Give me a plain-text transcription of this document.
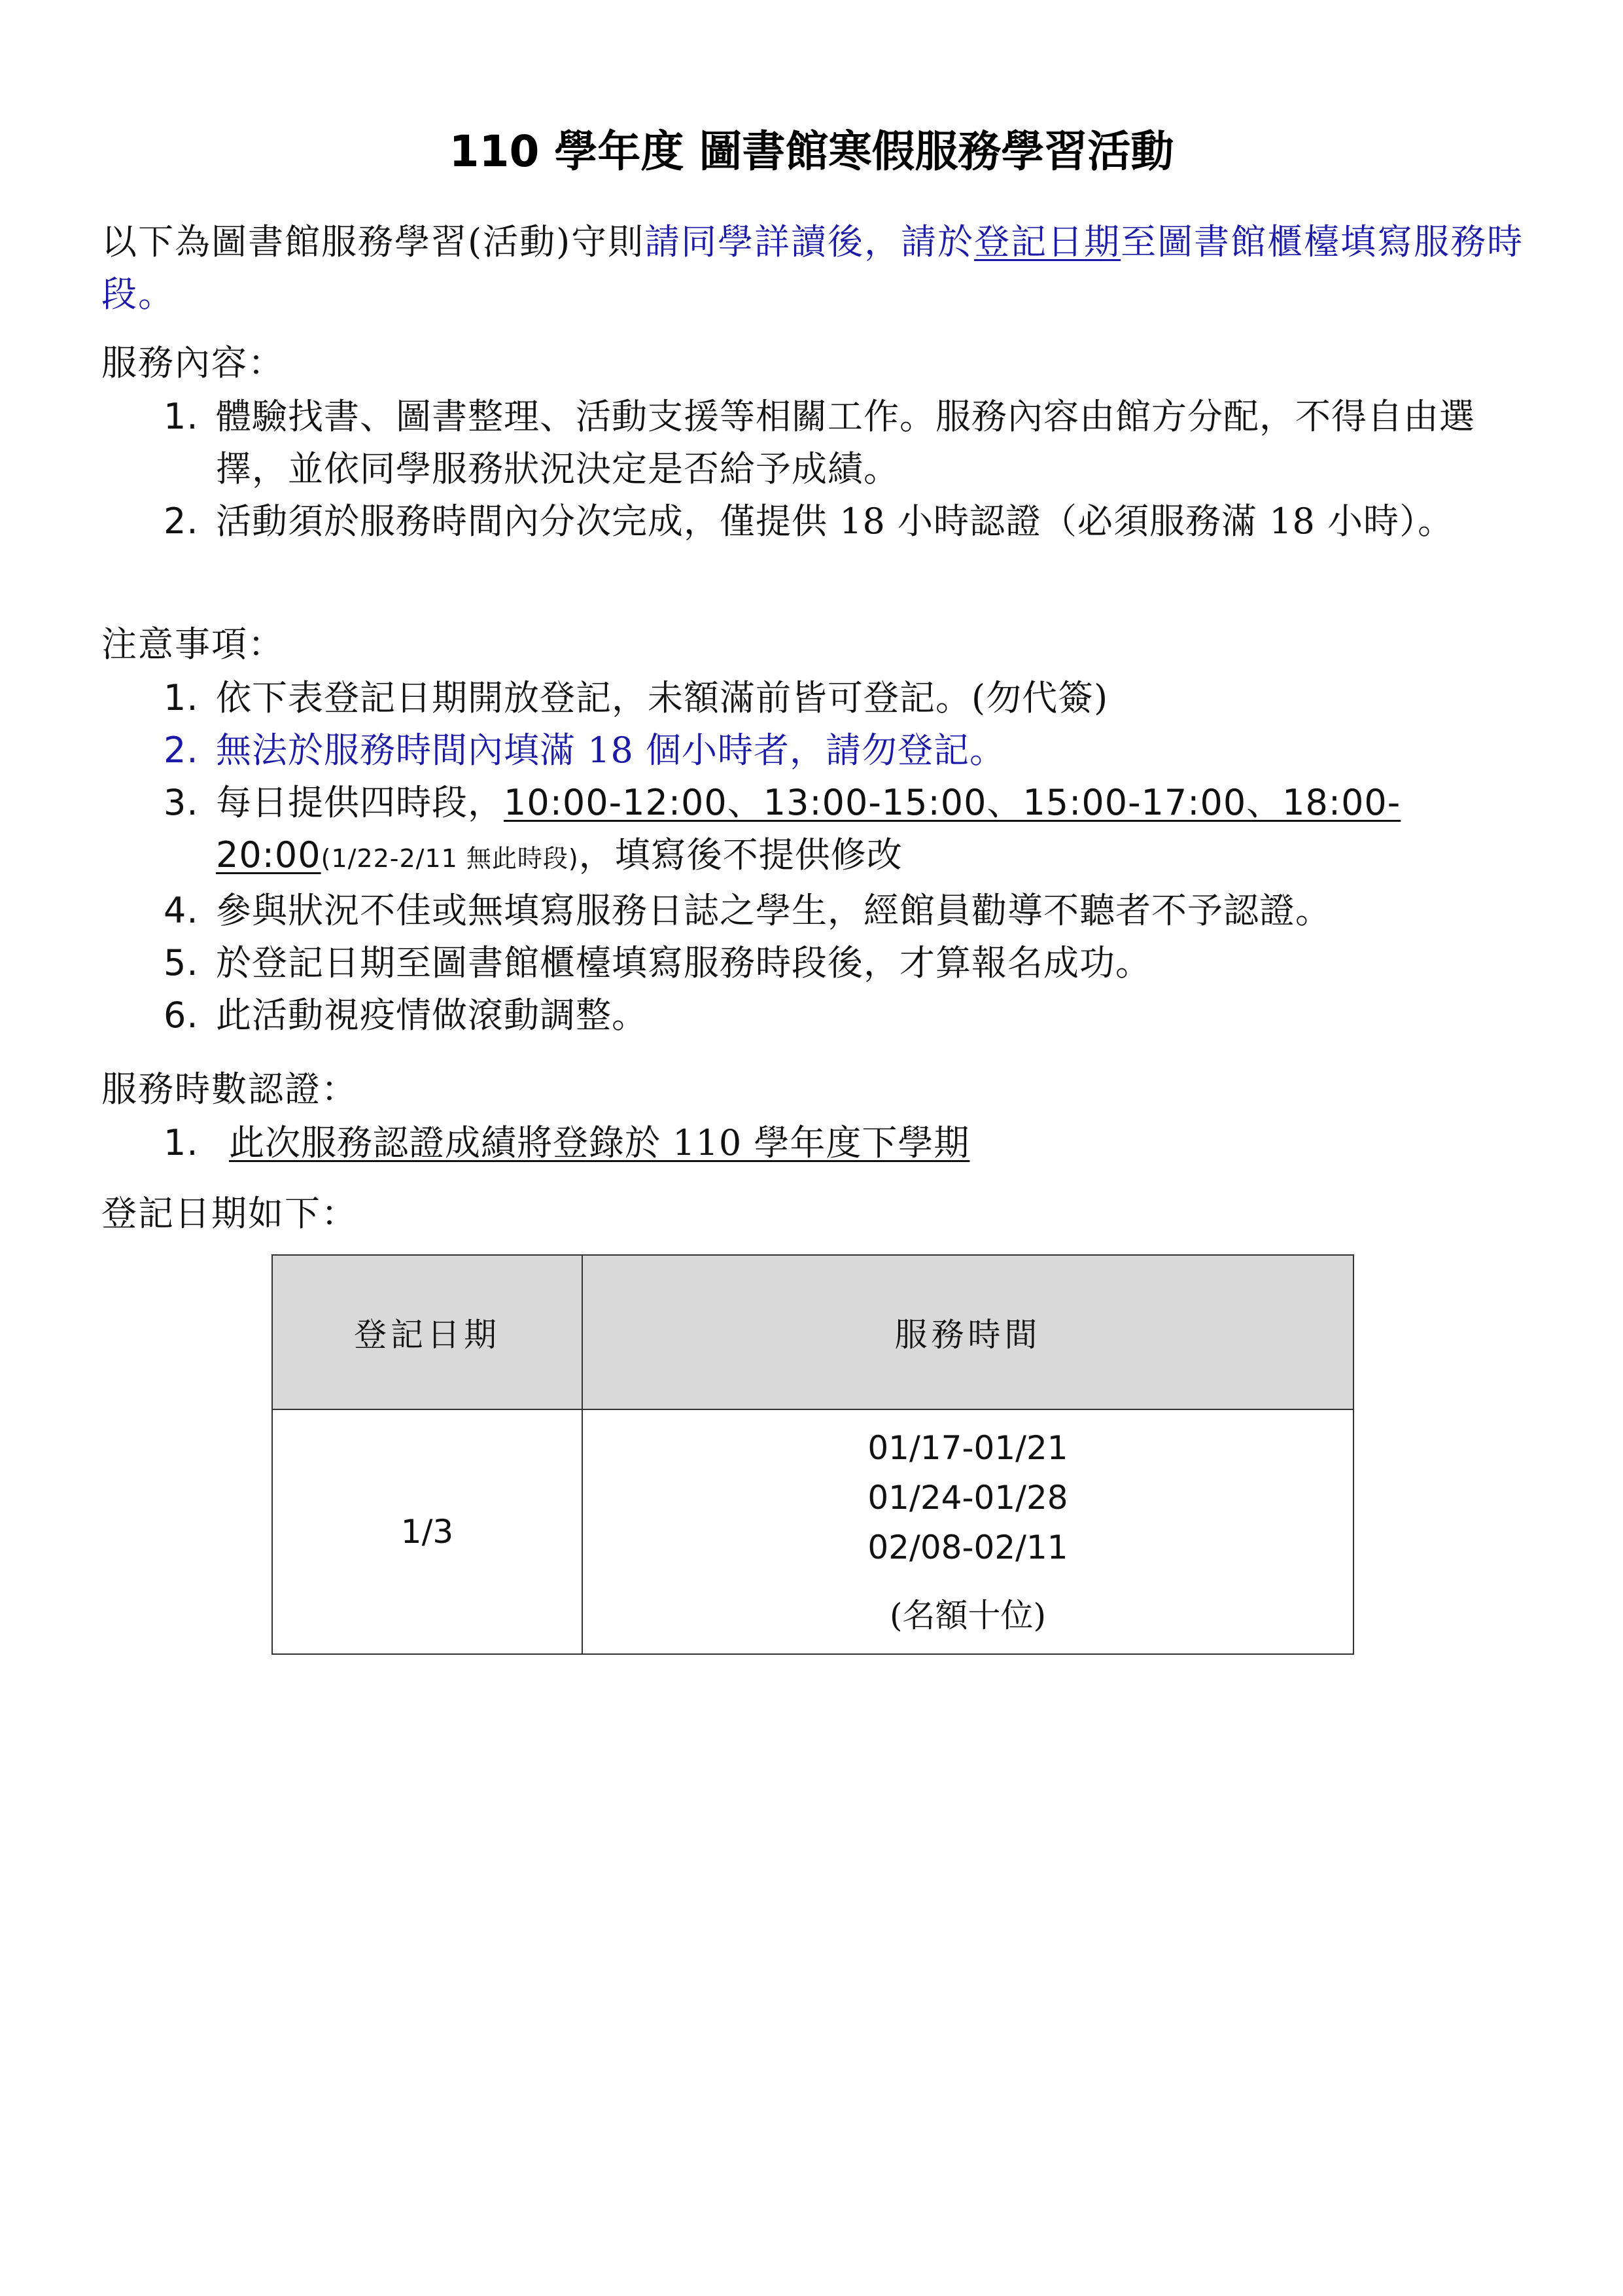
110 學年度 圖書館寒假服務學習活動
以下為圖書館服務學習(活動)守則請同學詳讀後，請於登記日期至圖書館櫃檯填寫服務時段。
服務內容：
1. 體驗找書、圖書整理、活動支援等相關工作。服務內容由館方分配，不得自由選擇，並依同學服務狀況決定是否給予成績。
2. 活動須於服務時間內分次完成，僅提供 18 小時認證（必須服務滿 18 小時）。
注意事項：
1. 依下表登記日期開放登記，未額滿前皆可登記。(勿代簽)
2. 無法於服務時間內填滿 18 個小時者，請勿登記。
3. 每日提供四時段，10:00-12:00、13:00-15:00、15:00-17:00、18:00-20:00(1/22-2/11 無此時段)，填寫後不提供修改
4. 參與狀況不佳或無填寫服務日誌之學生，經館員勸導不聽者不予認證。
5. 於登記日期至圖書館櫃檯填寫服務時段後，才算報名成功。
6. 此活動視疫情做滾動調整。
服務時數認證：
1. 此次服務認證成績將登錄於 110 學年度下學期
登記日期如下：
登記日期	服務時間
1/3	01/17-01/21
01/24-01/28
02/08-02/11
(名額十位)
